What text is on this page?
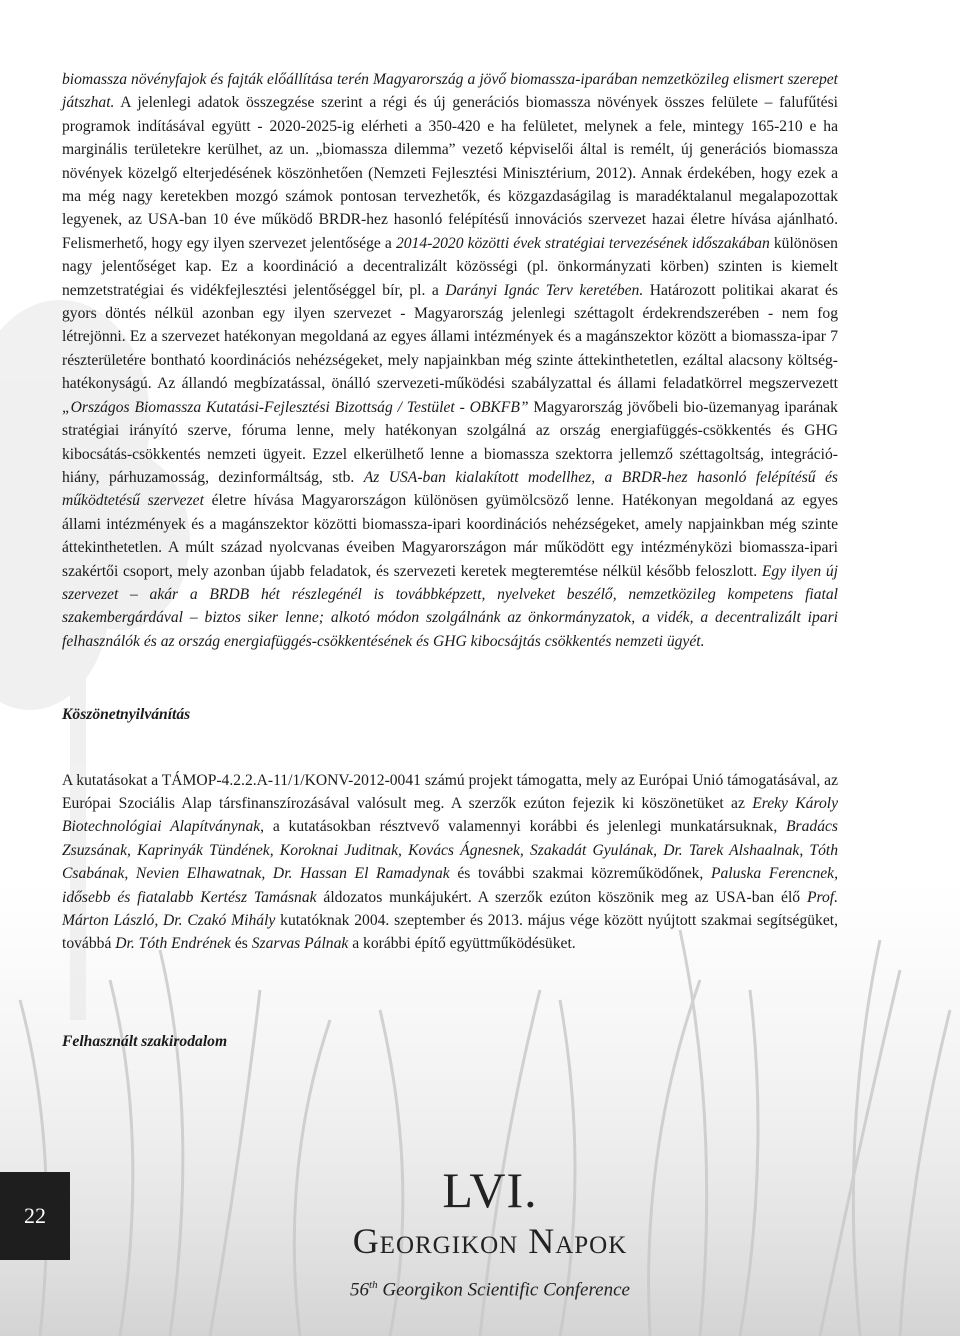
biomassza növényfajok és fajták előállítása terén Magyarország a jövő biomassza-iparában nemzetközileg elismert szerepet játszhat. A jelenlegi adatok összegzése szerint a régi és új generációs biomassza növények összes felülete – falufűtési programok indításával együtt - 2020-2025-ig elérheti a 350-420 e ha felületet, melynek a fele, mintegy 165-210 e ha marginális területekre kerülhet, az un. „biomassza dilemma” vezető képviselői által is remélt, új generációs biomassza növények közelgő elterjedésének köszönhetően (Nemzeti Fejlesztési Minisztérium, 2012). Annak érdekében, hogy ezek a ma még nagy keretekben mozgó számok pontosan tervezhetők, és közgazdaságilag is maradéktalanul megalapozottak legyenek, az USA-ban 10 éve működő BRDR-hez hasonló felépítésű innovációs szervezet hazai életre hívása ajánlható. Felismerhető, hogy egy ilyen szervezet jelentősége a 2014-2020 közötti évek stratégiai tervezésének időszakában különösen nagy jelentőséget kap. Ez a koordináció a decentralizált közösségi (pl. önkormányzati körben) szinten is kiemelt nemzetstratégiai és vidékfejlesztési jelentőséggel bír, pl. a Darányi Ignác Terv keretében. Határozott politikai akarat és gyors döntés nélkül azonban egy ilyen szervezet - Magyarország jelenlegi széttagolt érdekrendszerében - nem fog létrejönni. Ez a szervezet hatékonyan megoldaná az egyes állami intézmények és a magánszektor között a biomassza-ipar 7 részterületére bontható koordinációs nehézségeket, mely napjainkban még szinte áttekinthetetlen, ezáltal alacsony költség-hatékonyságú. Az állandó megbízatással, önálló szervezeti-működési szabályzattal és állami feladatkörrel megszervezett „Országos Biomassza Kutatási-Fejlesztési Bizottság / Testület - OBKFB” Magyarország jövőbeli bio-üzemanyag iparának stratégiai irányító szerve, fóruma lenne, mely hatékonyan szolgálná az ország energiafüggés-csökkentés és GHG kibocsátás-csökkentés nemzeti ügyeit. Ezzel elkerülhető lenne a biomassza szektorra jellemző széttagoltság, integráció-hiány, párhuzamosság, dezinformáltság, stb. Az USA-ban kialakított modellhez, a BRDR-hez hasonló felépítésű és működtetésű szervezet életre hívása Magyarországon különösen gyümölcsöző lenne. Hatékonyan megoldaná az egyes állami intézmények és a magánszektor közötti biomassza-ipari koordinációs nehézségeket, amely napjainkban még szinte áttekinthetetlen. A múlt század nyolcvanas éveiben Magyarországon már működött egy intézményközi biomassza-ipari szakértői csoport, mely azonban újabb feladatok, és szervezeti keretek megteremtése nélkül később feloszlott. Egy ilyen új szervezet – akár a BRDB hét részlegénél is továbbképzett, nyelveket beszélő, nemzetközileg kompetens fiatal szakembergárdával – biztos siker lenne; alkotó módon szolgálnánk az önkormányzatok, a vidék, a decentralizált ipari felhasználók és az ország energiafüggés-csökkentésének és GHG kibocsájtás csökkentés nemzeti ügyét.

Köszönetnyilvánítás

A kutatásokat a TÁMOP-4.2.2.A-11/1/KONV-2012-0041 számú projekt támogatta, mely az Európai Unió támogatásával, az Európai Szociális Alap társfinanszírozásával valósult meg. A szerzők ezúton fejezik ki köszönetüket az Ereky Károly Biotechnológiai Alapítványnak, a kutatásokban résztvevő valamennyi korábbi és jelenlegi munkatársuknak, Bradács Zsuzsának, Kaprinyák Tündének, Koroknai Juditnak, Kovács Ágnesnek, Szakadát Gyulának, Dr. Tarek Alshaalnak, Tóth Csabának, Nevien Elhawatnak, Dr. Hassan El Ramadynak és további szakmai közreműködőnek, Paluska Ferencnek, idősebb és fiatalabb Kertész Tamásnak áldozatos munkájukért. A szerzők ezúton köszönik meg az USA-ban élő Prof. Márton László, Dr. Czakó Mihály kutatóknak 2004. szeptember és 2013. május vége között nyújtott szakmai segítségüket, továbbá Dr. Tóth Endrének és Szarvas Pálnak a korábbi építő együttműködésüket.

Felhasznált szakirodalom
22	LVI.
Georgikon Napok
56th Georgikon Scientific Conference
